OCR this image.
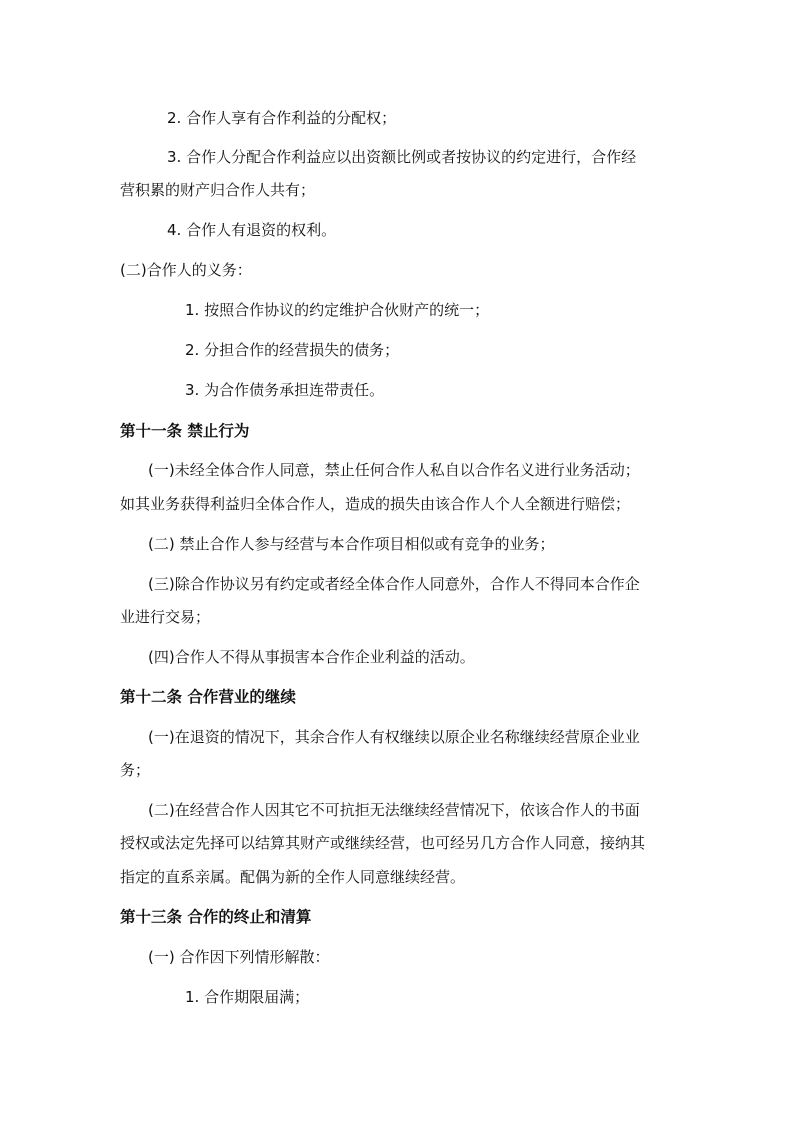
2. 合作人享有合作利益的分配权；
3. 合作人分配合作利益应以出资额比例或者按协议的约定进行，合作经
营积累的财产归合作人共有；
4. 合作人有退资的权利。
(二)合作人的义务：
1. 按照合作协议的约定维护合伙财产的统一；
2. 分担合作的经营损失的债务；
3. 为合作债务承担连带责任。
第十一条 禁止行为
(一)未经全体合作人同意，禁止任何合作人私自以合作名义进行业务活动；
如其业务获得利益归全体合作人，造成的损失由该合作人个人全额进行赔偿；
(二) 禁止合作人参与经营与本合作项目相似或有竞争的业务；
(三)除合作协议另有约定或者经全体合作人同意外，合作人不得同本合作企
业进行交易；
(四)合作人不得从事损害本合作企业利益的活动。
第十二条 合作营业的继续
(一)在退资的情况下，其余合作人有权继续以原企业名称继续经营原企业业
务；
(二)在经营合作人因其它不可抗拒无法继续经营情况下，依该合作人的书面
授权或法定先择可以结算其财产或继续经营，也可经另几方合作人同意，接纳其
指定的直系亲属。配偶为新的全作人同意继续经营。
第十三条 合作的终止和清算
(一) 合作因下列情形解散：
1. 合作期限届满；
